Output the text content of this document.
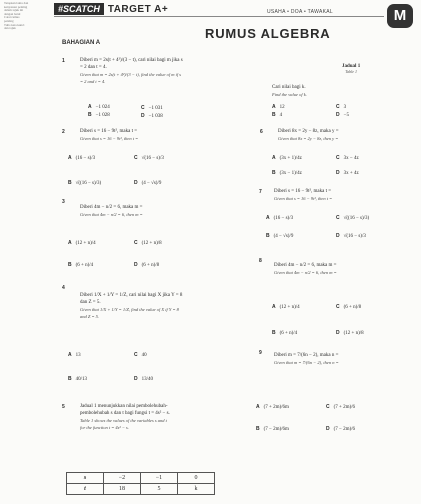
Tetapkan fakta dan
kenyataan penting
dalam tajuk ini
dengan betul
Catat rumus
penting
Tulis kata kunci
dan tajuk
#SCATCH TARGET A+	USAHA • DOA • TAWAKAL	M
RUMUS ALGEBRA
BAHAGIAN A
1	Diberi m = 2s(t + 4²)/(3 − t), cari nilai bagi m jika s
= 2 dan t = 4.
Given that m = 2s(t + 4²)/(3 − t), find the value of m if s
= 2 and t = 4.
A −1 024
B −1 028
C −1 031
D −1 038
Jadual 1
Table 1
Cari nilai bagi k.
Find the value of k.
A 12
B 4
C 3
D −5
2	Diberi s = 16 − 9t², maka t =
Given that s = 16 − 9t², then t =
A (16 − s)/3
B √((16 − s)/3)
C √(16 − s)/3
D (4 − √s)/9
6	Diberi 8x = 2y − 8z, maka y =
Given that 8x = 2y − 8z, then y =
A (3x + 1)/4z
B (3x − 1)/4z
C 3x − 4z
D 3x + 4z
7 Diberi s = 16 − 9t², maka t =
Given that s = 16 − 9t², then t =
A (16 − s)/3
B (4 − √s)/9
C √((16 − s)/3)
D √(16 − s)/3
3
Diberi 4m − n/2 = 6, maka m =
Given that 4m − n/2 = 6, then m =
A (12 + n)/4
B (6 + n)/4
C (12 + n)/8
D (6 + n)/8
8
Diberi 4m − n/2 = 6, maka m =
Given that 4m − n/2 = 6, then m =
A (12 + n)/4
B (6 + n)/4
C (6 + n)/8
D (12 + n)/8
4
Diberi 1/X + 1/Y = 1/Z, cari nilai bagi X jika Y = 8
dan Z = 5.
Given that 1/X + 1/Y = 1/Z, find the value of X if Y = 8
and Z = 5.
A 13
B 40/13
C 40
D 13/40
9 Diberi m = 7/(6n − 2), maka n =
Given that m = 7/(6n − 2), then n =
A (7 + 2m)/6m
B (7 − 2m)/6m
C (7 + 2m)/6
D (7 − 2m)/6
5	Jadual 1 menunjukkan nilai pembolehubah-
pembolehubah s dan t bagi fungsi t = 4s² − s.
Table 1 shows the values of the variables s and t
for the function t = 4s² − s.
s	−2	−1	0
t	18	5	k
